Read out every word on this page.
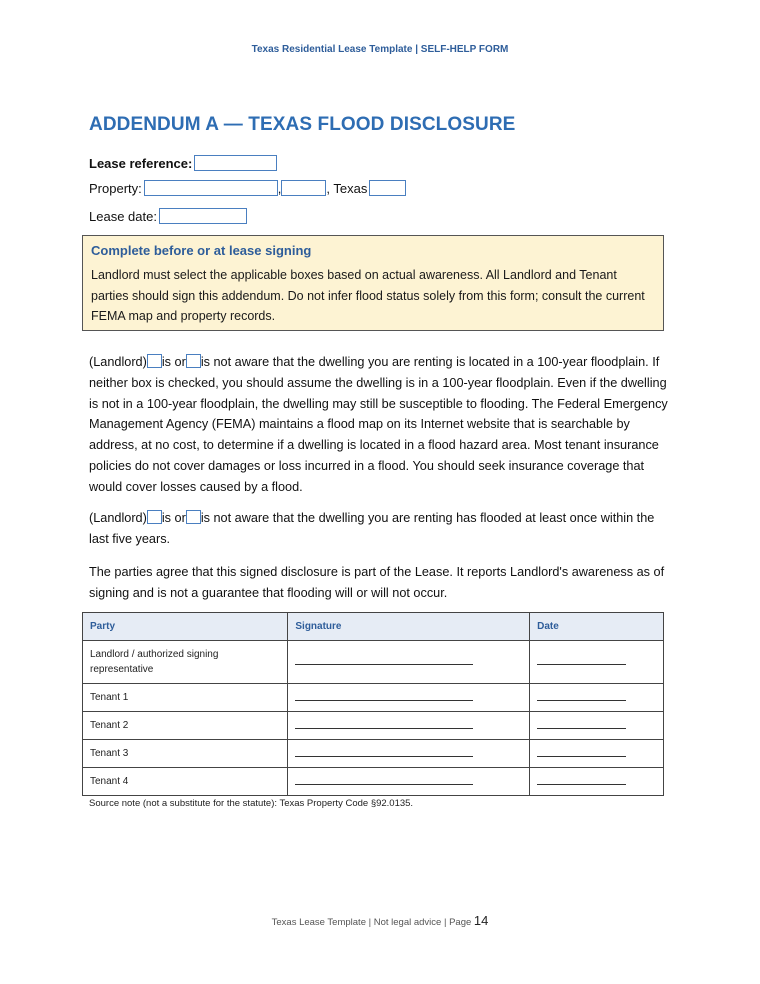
Texas Residential Lease Template | SELF-HELP FORM
ADDENDUM A — TEXAS FLOOD DISCLOSURE
Lease reference:
Property:	,	, Texas
Lease date:
Complete before or at lease signing
Landlord must select the applicable boxes based on actual awareness. All Landlord and Tenant parties should sign this addendum. Do not infer flood status solely from this form; consult the current FEMA map and property records.

(Landlord) is or is not aware that the dwelling you are renting is located in a 100-year floodplain. If neither box is checked, you should assume the dwelling is in a 100-year floodplain. Even if the dwelling is not in a 100-year floodplain, the dwelling may still be susceptible to flooding. The Federal Emergency Management Agency (FEMA) maintains a flood map on its Internet website that is searchable by address, at no cost, to determine if a dwelling is located in a flood hazard area. Most tenant insurance policies do not cover damages or loss incurred in a flood. You should seek insurance coverage that would cover losses caused by a flood.

(Landlord) is or is not aware that the dwelling you are renting has flooded at least once within the last five years.

The parties agree that this signed disclosure is part of the Lease. It reports Landlord's awareness as of signing and is not a guarantee that flooding will or will not occur.

Party	Signature	Date
Landlord / authorized signing representative		
Tenant 1		
Tenant 2		
Tenant 3		
Tenant 4		
Source note (not a substitute for the statute): Texas Property Code §92.0135.
Texas Lease Template | Not legal advice | Page 14
